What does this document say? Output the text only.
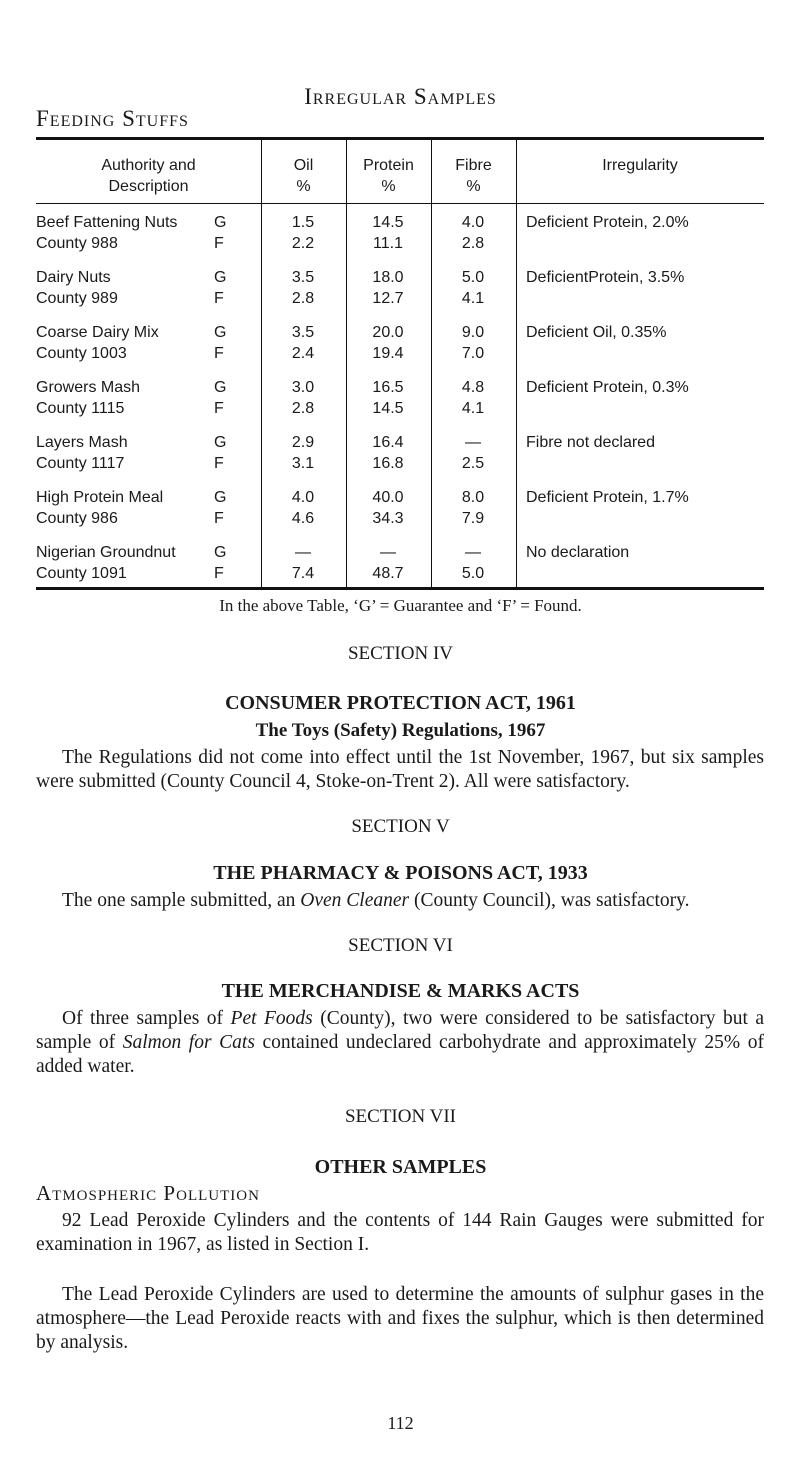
Irregular Samples
Feeding Stuffs
Authority and
Description
Oil
%
Protein
%
Fibre
%
Irregularity
Beef Fattening Nuts
County 988
G
F
1.5
2.2
14.5
11.1
4.0
2.8
Deficient Protein, 2.0%
Dairy Nuts
County 989
G
F
3.5
2.8
18.0
12.7
5.0
4.1
DeficientProtein, 3.5%
Coarse Dairy Mix
County 1003
G
F
3.5
2.4
20.0
19.4
9.0
7.0
Deficient Oil, 0.35%
Growers Mash
County 1115
G
F
3.0
2.8
16.5
14.5
4.8
4.1
Deficient Protein, 0.3%
Layers Mash
County 1117
G
F
2.9
3.1
16.4
16.8
—
2.5
Fibre not declared
High Protein Meal
County 986
G
F
4.0
4.6
40.0
34.3
8.0
7.9
Deficient Protein, 1.7%
Nigerian Groundnut
County 1091
G
F
—
7.4
—
48.7
—
5.0
No declaration
In the above Table, ‘G’ = Guarantee and ‘F’ = Found.
SECTION IV
CONSUMER PROTECTION ACT, 1961
The Toys (Safety) Regulations, 1967

The Regulations did not come into effect until the 1st November, 1967, but six samples were submitted (County Council 4, Stoke-on-Trent 2). All were satisfactory.

SECTION V
THE PHARMACY & POISONS ACT, 1933

The one sample submitted, an Oven Cleaner (County Council), was satisfactory.

SECTION VI
THE MERCHANDISE & MARKS ACTS

Of three samples of Pet Foods (County), two were considered to be satisfactory but a sample of Salmon for Cats contained undeclared carbohydrate and approximately 25% of added water.

SECTION VII
OTHER SAMPLES
Atmospheric Pollution

92 Lead Peroxide Cylinders and the contents of 144 Rain Gauges were submitted for examination in 1967, as listed in Section I.

The Lead Peroxide Cylinders are used to determine the amounts of sulphur gases in the atmosphere—the Lead Peroxide reacts with and fixes the sulphur, which is then determined by analysis.

112
